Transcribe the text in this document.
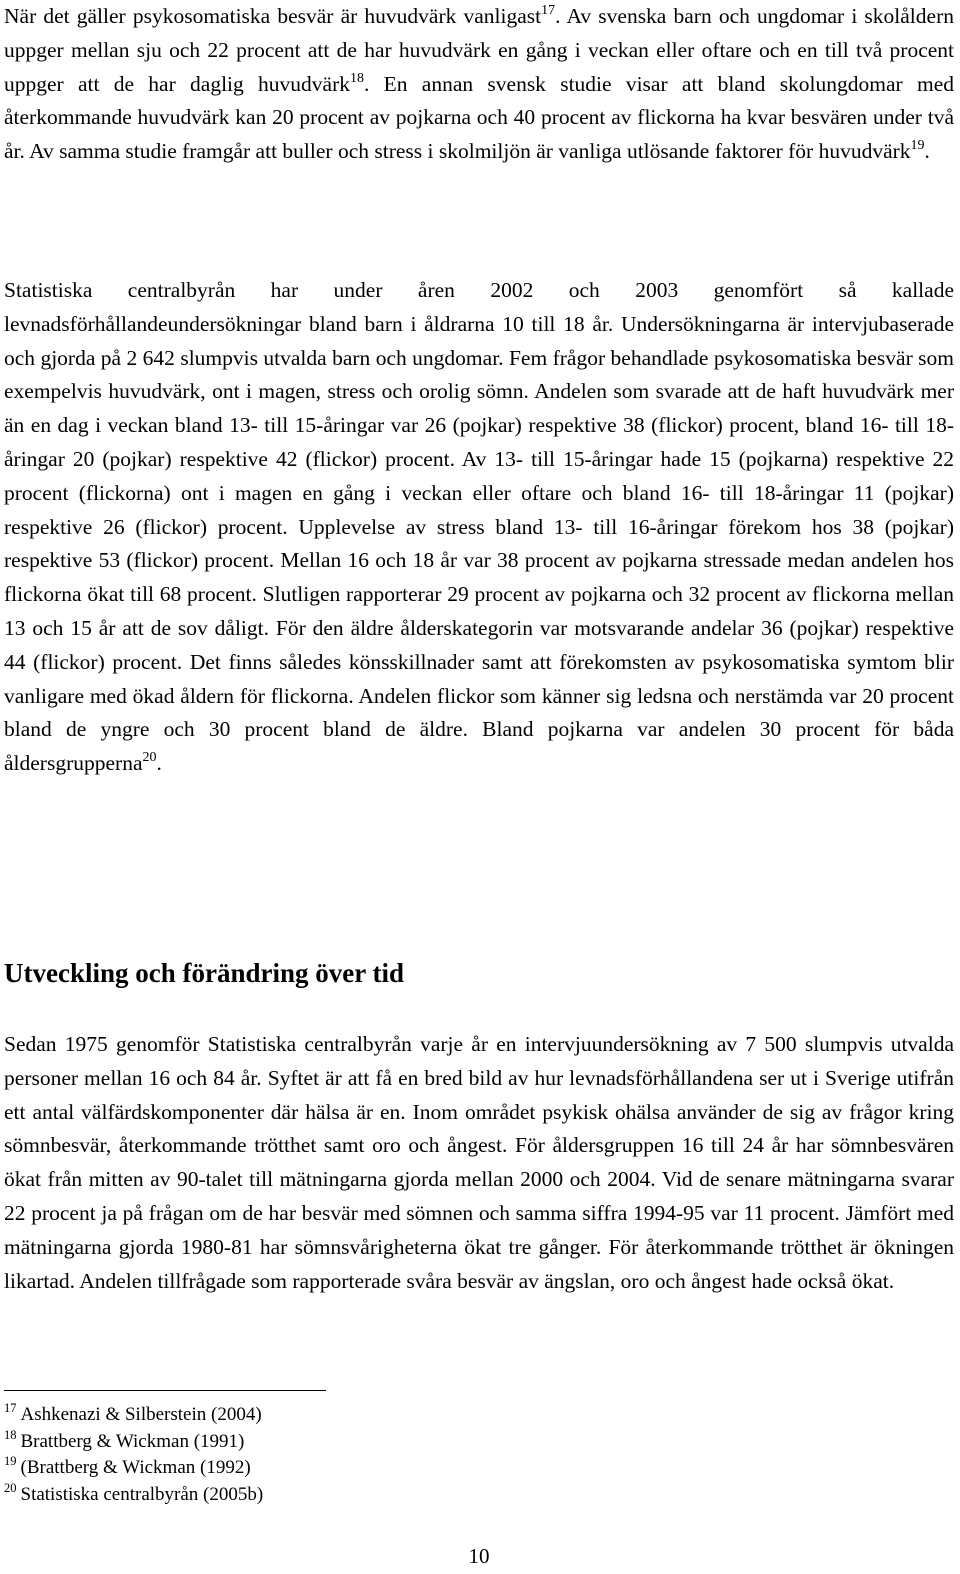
När det gäller psykosomatiska besvär är huvudvärk vanligast$^{17}$. Av svenska barn och ungdomar i skolåldern uppger mellan sju och 22 procent att de har huvudvärk en gång i veckan eller oftare och en till två procent uppger att de har daglig huvudvärk$^{18}$. En annan svensk studie visar att bland skolungdomar med återkommande huvudvärk kan 20 procent av pojkarna och 40 procent av flickorna ha kvar besvären under två år. Av samma studie framgår att buller och stress i skolmiljön är vanliga utlösande faktorer för huvudvärk$^{19}$.

Statistiska centralbyrån har under åren 2002 och 2003 genomfört så kallade levnadsförhållandeundersökningar bland barn i åldrarna 10 till 18 år. Undersökningarna är intervjubaserade och gjorda på 2 642 slumpvis utvalda barn och ungdomar. Fem frågor behandlade psykosomatiska besvär som exempelvis huvudvärk, ont i magen, stress och orolig sömn. Andelen som svarade att de haft huvudvärk mer än en dag i veckan bland 13- till 15-åringar var 26 (pojkar) respektive 38 (flickor) procent, bland 16- till 18-åringar 20 (pojkar) respektive 42 (flickor) procent. Av 13- till 15-åringar hade 15 (pojkarna) respektive 22 procent (flickorna) ont i magen en gång i veckan eller oftare och bland 16- till 18-åringar 11 (pojkar) respektive 26 (flickor) procent. Upplevelse av stress bland 13- till 16-åringar förekom hos 38 (pojkar) respektive 53 (flickor) procent. Mellan 16 och 18 år var 38 procent av pojkarna stressade medan andelen hos flickorna ökat till 68 procent. Slutligen rapporterar 29 procent av pojkarna och 32 procent av flickorna mellan 13 och 15 år att de sov dåligt. För den äldre ålderskategorin var motsvarande andelar 36 (pojkar) respektive 44 (flickor) procent. Det finns således könsskillnader samt att förekomsten av psykosomatiska symtom blir vanligare med ökad åldern för flickorna. Andelen flickor som känner sig ledsna och nerstämda var 20 procent bland de yngre och 30 procent bland de äldre. Bland pojkarna var andelen 30 procent för båda åldersgrupperna$^{20}$.

Utveckling och förändring över tid

Sedan 1975 genomför Statistiska centralbyrån varje år en intervjuundersökning av 7 500 slumpvis utvalda personer mellan 16 och 84 år. Syftet är att få en bred bild av hur levnadsförhållandena ser ut i Sverige utifrån ett antal välfärdskomponenter där hälsa är en. Inom området psykisk ohälsa använder de sig av frågor kring sömnbesvär, återkommande trötthet samt oro och ångest. För åldersgruppen 16 till 24 år har sömnbesvären ökat från mitten av 90-talet till mätningarna gjorda mellan 2000 och 2004. Vid de senare mätningarna svarar 22 procent ja på frågan om de har besvär med sömnen och samma siffra 1994-95 var 11 procent. Jämfört med mätningarna gjorda 1980-81 har sömnsvårigheterna ökat tre gånger. För återkommande trötthet är ökningen likartad. Andelen tillfrågade som rapporterade svåra besvär av ängslan, oro och ångest hade också ökat.

$^{17}$ Ashkenazi & Silberstein (2004)
$^{18}$ Brattberg & Wickman (1991)
$^{19}$ (Brattberg & Wickman (1992)
$^{20}$ Statistiska centralbyrån (2005b)
10
